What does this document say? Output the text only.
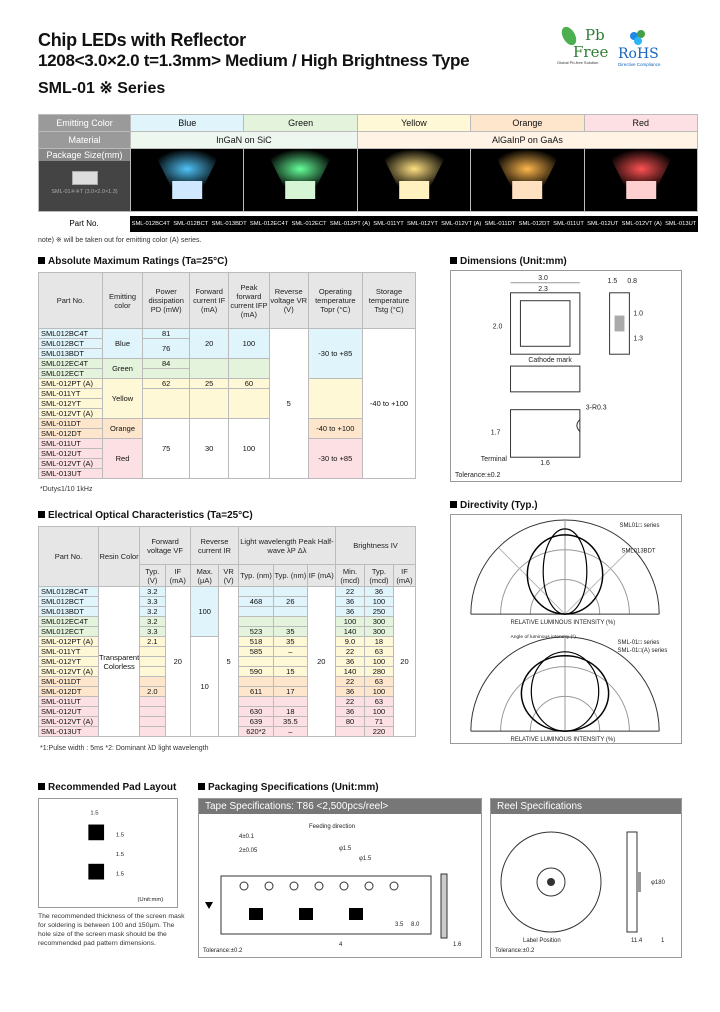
Chip LEDs with Reflector
1208<3.0×2.0 t=1.3mm> Medium / High Brightness Type
SML-01 ※ Series
Pb
Free
Global Pb-free Solution
RoHS
Directive Compliance
Emitting Color	Blue	Green	Yellow	Orange	Red
Material	InGaN on SiC		AlGaInP on GaAs		

Package Size(mm)
SML-01※※T (3.0×2.0×1.3)

Part No.	SML-012BC4T SML-012BCT SML-013BDT SML-012EC4T SML-012ECT SML-012PT (A) SML-011YT SML-012YT SML-012VT (A) SML-011DT SML-012DT SML-011UT SML-012UT SML-012VT (A) SML-013UT
note) ※ will be taken out for emitting color (A) series.
Absolute Maximum Ratings (Ta=25°C)
Part No.	Emitting color	Power dissipation PD (mW)	Forward current IF (mA)	Peak forward current IFP (mA)	Reverse voltage VR (V)	Operating temperature Topr (°C)	Storage temperature Tstg (°C)
SML012BC4T	Blue	81	20	100	5	-30 to +85	-40 to +100
SML012BCT		76					
SML013BDT							
SML012EC4T	Green	84					
SML012ECT							
SML-012PT (A)	Yellow	62	25	60			
SML-011YT							
SML-012YT							
SML-012VT (A)							
SML-011DT	Orange	75	30	100		-40 to +100	
SML-012DT							
SML-011UT	Red					-30 to +85	
SML-012UT							
SML-012VT (A)							
SML-013UT							
*Duty≤1/10 1kHz
Dimensions (Unit:mm)
3.0
2.3
2.0
1.5 0.8
1.0
1.3
Cathode mark
3-R0.3
1.7
Terminal
1.6
Tolerance:±0.2
Electrical Optical Characteristics (Ta=25°C)
Part No.	Resin Color	Forward voltage VF		Reverse current IR		Light wavelength Peak Half-wave λP Δλ			Brightness IV		
		Typ. (V)	IF (mA)	Max. (μA)	VR (V)	Typ. (nm)	Typ. (nm)	IF (mA)	Min. (mcd)	Typ. (mcd)	IF (mA)
SML012BC4T	Transparent Colorless	3.2	20	100	5			20	22	36	20
SML012BCT		3.3				468	26		36	100	
SML013BDT		3.2							36	250	
SML012EC4T		3.2							100	300	
SML012ECT		3.3				523	35		140	300	
SML-012PT (A)		2.1		10		518	35		9.0	18	
SML-011YT						585	–		22	63	
SML-012YT									36	100	
SML-012VT (A)						590	15		140	280	
SML-011DT									22	63	
SML-012DT		2.0				611	17		36	100	
SML-011UT									22	63	
SML-012UT						630	18		36	100	
SML-012VT (A)						639	35.5		80	71	
SML-013UT						620*2	–			220	
*1:Pulse width : 5ms *2: Dominant λD light wavelength
Directivity (Typ.)
SML01□ series
SML013BDT
RELATIVE LUMINOUS INTENSITY (%)
Angle of luminous intensity (°)
SML-01□ series
SML-01□(A) series
RELATIVE LUMINOUS INTENSITY (%)
Recommended Pad Layout
1.5
1.5
1.5
1.5
(Unit:mm)
The recommended thickness of the screen mask for soldering is between 100 and 150μm. The hole size of the screen mask should be the recommended pad pattern dimensions.
Packaging Specifications (Unit:mm)
Tape Specifications: T86 <2,500pcs/reel>
Feeding direction
4±0.1
2±0.05	φ1.5
φ1.5
3.5 8.0
4	1.6
Tolerance:±0.2
Reel Specifications
φ180
Label Position	11.4	1
Tolerance:±0.2
